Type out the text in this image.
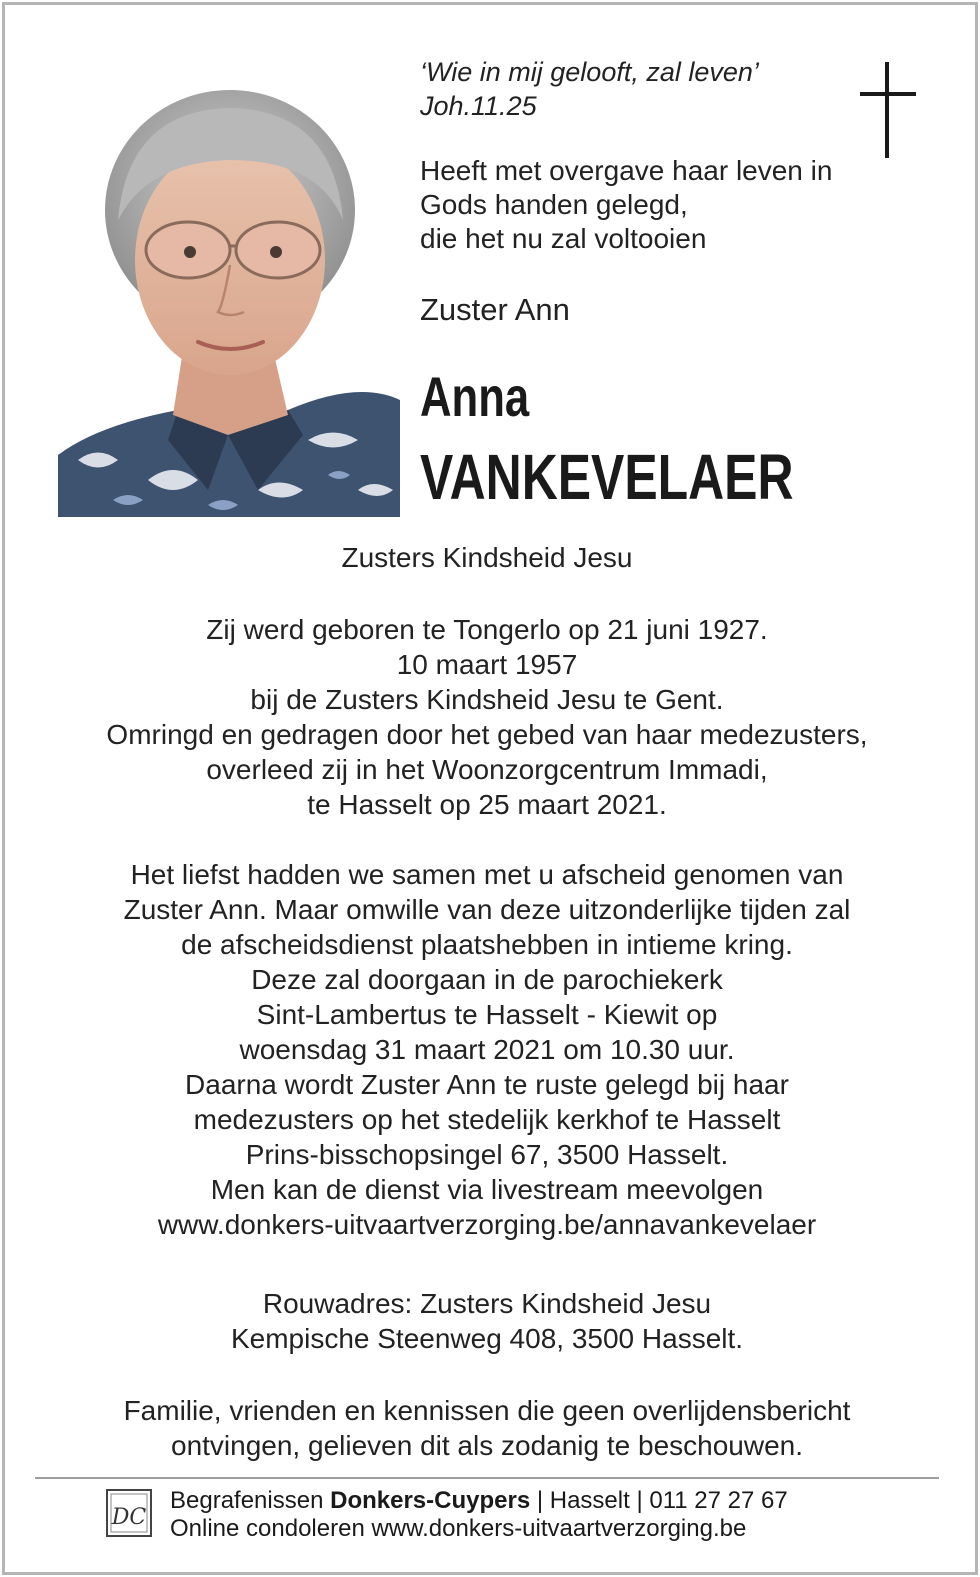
‘Wie in mij gelooft, zal leven’
Joh.11.25
Heeft met overgave haar leven in
Gods handen gelegd,
die het nu zal voltooien
Zuster Ann
Anna
VANKEVELAER
Zusters Kindsheid Jesu
Zij werd geboren te Tongerlo op 21 juni 1927.
10 maart 1957
bij de Zusters Kindsheid Jesu te Gent.
Omringd en gedragen door het gebed van haar medezusters,
overleed zij in het Woonzorgcentrum Immadi,
te Hasselt op 25 maart 2021.
Het liefst hadden we samen met u afscheid genomen van
Zuster Ann. Maar omwille van deze uitzonderlijke tijden zal
de afscheidsdienst plaatshebben in intieme kring.
Deze zal doorgaan in de parochiekerk
Sint-Lambertus te Hasselt - Kiewit op
woensdag 31 maart 2021 om 10.30 uur.
Daarna wordt Zuster Ann te ruste gelegd bij haar
medezusters op het stedelijk kerkhof te Hasselt
Prins-bisschopsingel 67, 3500 Hasselt.
Men kan de dienst via livestream meevolgen
www.donkers-uitvaartverzorging.be/annavankevelaer
Rouwadres: Zusters Kindsheid Jesu
Kempische Steenweg 408, 3500 Hasselt.
Familie, vrienden en kennissen die geen overlijdensbericht
ontvingen, gelieven dit als zodanig te beschouwen.
DC
Begrafenissen Donkers-Cuypers | Hasselt | 011 27 27 67
Online condoleren www.donkers-uitvaartverzorging.be
